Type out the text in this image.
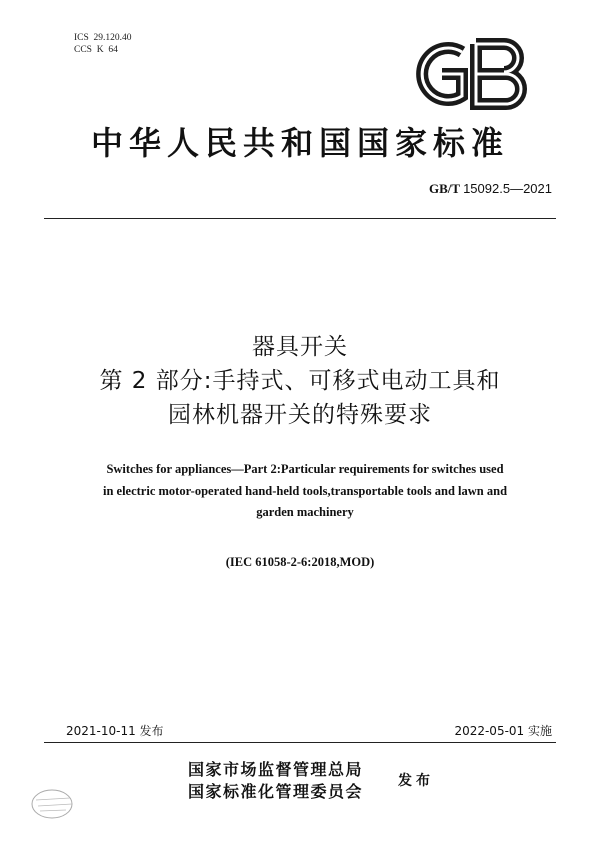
ICS  29.120.40
CCS  K  64
中华人民共和国国家标准
GB/T 15092.5—2021
器具开关
第 2 部分:手持式、可移式电动工具和
园林机器开关的特殊要求
Switches for appliances—Part 2:Particular requirements for switches used
in electric motor-operated hand-held tools,transportable tools and lawn and
garden machinery
(IEC 61058-2-6:2018,MOD)
2021-10-11 发布	2022-05-01 实施
国家市场监督管理总局
国家标准化管理委员会
发布
